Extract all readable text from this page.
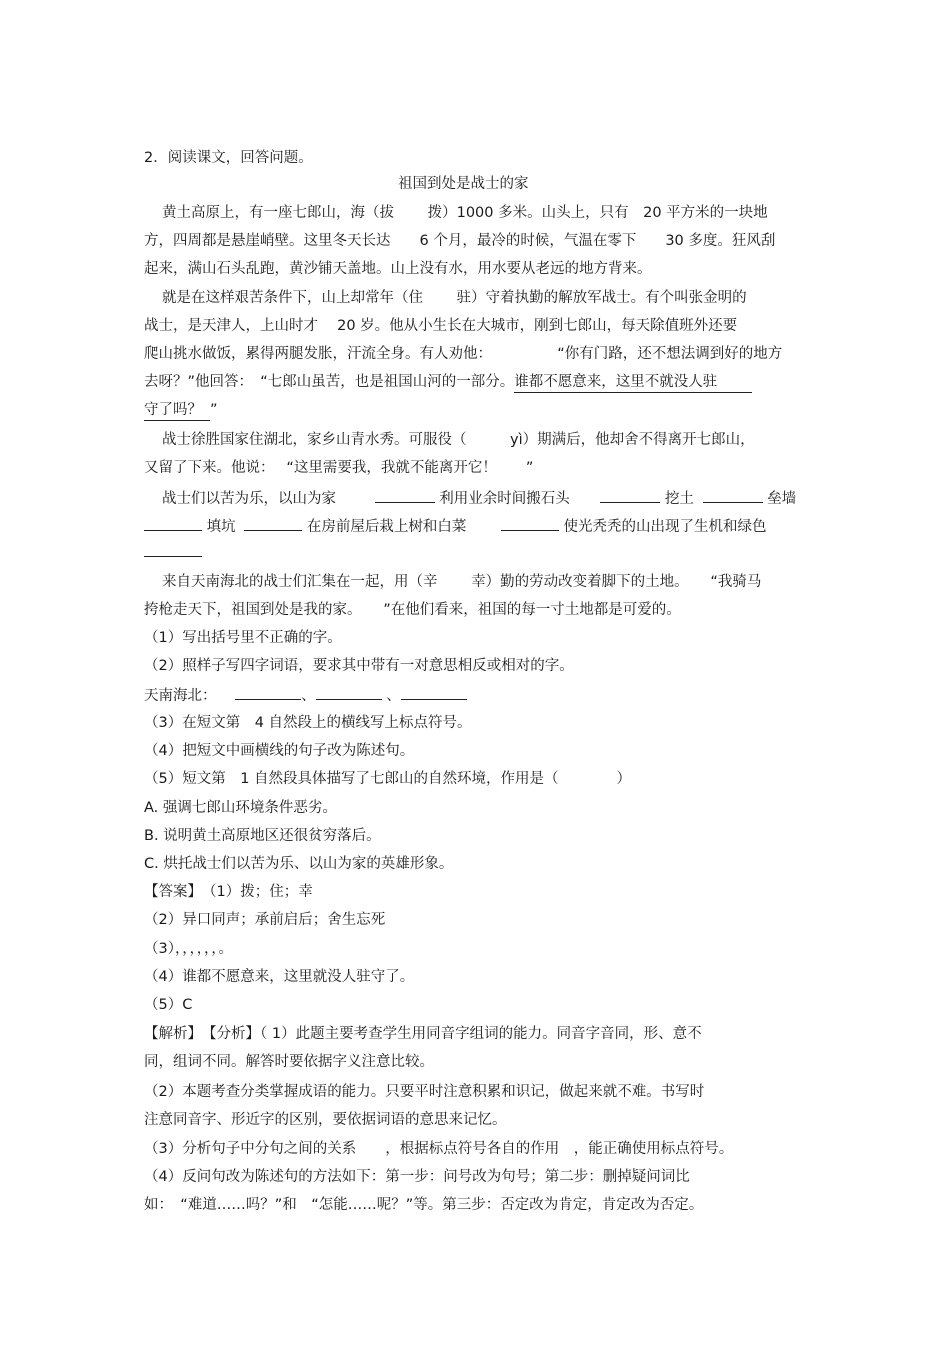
2．阅读课文，回答问题。
祖国到处是战士的家
黄土高原上，有一座七郎山，海（拔　　 拨）1000 多米。山头上，只有　20 平方米的一块地
方，四周都是悬崖峭壁。这里冬天长达　　6 个月，最冷的时候，气温在零下　　30 多度。狂风刮
起来，满山石头乱跑，黄沙铺天盖地。山上没有水，用水要从老远的地方背来。
就是在这样艰苦条件下，山上却常年（住　　 驻）守着执勤的解放军战士。有个叫张金明的
战士，是天津人，上山时才　 20 岁。他从小生长在大城市，刚到七郎山，每天除值班外还要
爬山挑水做饭，累得两腿发胀，汗流全身。有人劝他：　　　　　“你有门路，还不想法调到好的地方
去呀？”他回答：　“七郎山虽苦，也是祖国山河的一部分。谁都不愿意来，这里不就没人驻
守了吗？ ”
战士徐胜国家住湖北，家乡山青水秀。可服役（　　　yì）期满后，他却舍不得离开七郎山，
又留了下来。他说：　 “这里需要我，我就不能离开它！　　”
战士们以苦为乐，以山为家	利用业余时间搬石头	挖土	垒墙
填坑	在房前屋后栽上树和白菜	使光秃秃的山出现了生机和绿色
来自天南海北的战士们汇集在一起，用（辛　　 幸）勤的劳动改变着脚下的土地。　　“我骑马
挎枪走天下，祖国到处是我的家。　　”在他们看来，祖国的每一寸土地都是可爱的。
（1）写出括号里不正确的字。
（2）照样子写四字词语，要求其中带有一对意思相反或相对的字。
天南海北：	、	、
（3）在短文第　4 自然段上的横线写上标点符号。
（4）把短文中画横线的句子改为陈述句。
（5）短文第　1 自然段具体描写了七郎山的自然环境，作用是（　　　　）
A. 强调七郎山环境条件恶劣。
B. 说明黄土高原地区还很贫穷落后。
C. 烘托战士们以苦为乐、以山为家的英雄形象。
【答案】　（1）拨；住；幸
（2）异口同声；承前启后；舍生忘死
（3），，，，，，。
（4）谁都不愿意来，这里就没人驻守了。
（5）C
【解析】　【分析】（ 1）此题主要考查学生用同音字组词的能力。同音字音同，形、意不
同，组词不同。解答时要依据字义注意比较。
（2）本题考查分类掌握成语的能力。只要平时注意积累和识记，做起来就不难。书写时
注意同音字、形近字的区别，要依据词语的意思来记忆。
（3）分析句子中分句之间的关系　　，根据标点符号各自的作用　，能正确使用标点符号。
（4）反问句改为陈述句的方法如下：第一步：问号改为句号；第二步：删掉疑问词比
如：　“难道……吗？”和　“怎能……呢？”等。第三步：否定改为肯定，肯定改为否定。
